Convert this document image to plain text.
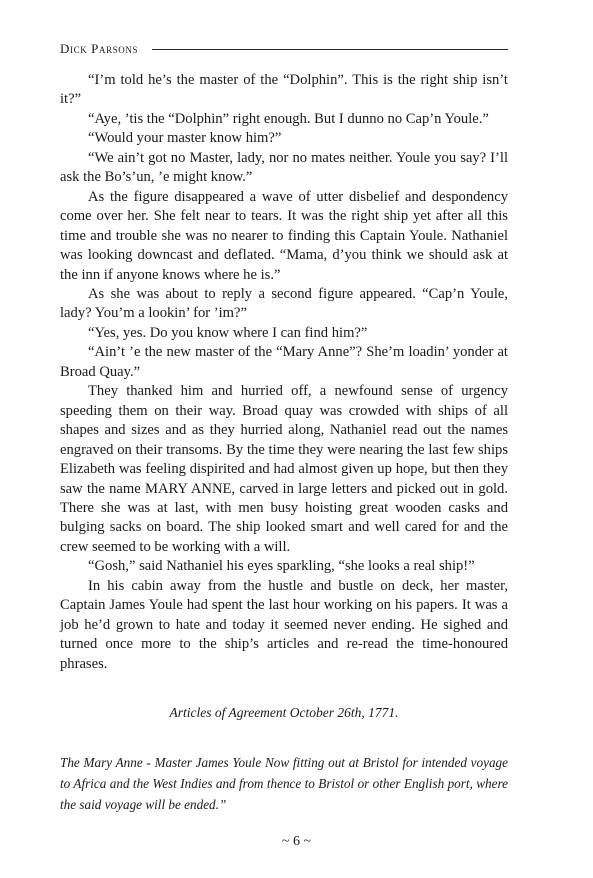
Dick Parsons

“I’m told he’s the master of the “Dolphin”. This is the right ship isn’t it?”

“Aye, ’tis the “Dolphin” right enough. But I dunno no Cap’n Youle.”

“Would your master know him?”

“We ain’t got no Master, lady, nor no mates neither. Youle you say? I’ll ask the Bo’s’un, ’e might know.”

As the figure disappeared a wave of utter disbelief and despondency come over her. She felt near to tears. It was the right ship yet after all this time and trouble she was no nearer to finding this Captain Youle. Nathaniel was looking downcast and deflated. “Mama, d’you think we should ask at the inn if anyone knows where he is.”

As she was about to reply a second figure appeared. “Cap’n Youle, lady? You’m a lookin’ for ’im?”

“Yes, yes. Do you know where I can find him?”

“Ain’t ’e the new master of the “Mary Anne”? She’m loadin’ yonder at Broad Quay.”

They thanked him and hurried off, a newfound sense of urgency speeding them on their way. Broad quay was crowded with ships of all shapes and sizes and as they hurried along, Nathaniel read out the names engraved on their transoms. By the time they were nearing the last few ships Elizabeth was feeling dispirited and had almost given up hope, but then they saw the name MARY ANNE, carved in large letters and picked out in gold. There she was at last, with men busy hoisting great wooden casks and bulging sacks on board. The ship looked smart and well cared for and the crew seemed to be working with a will.

“Gosh,” said Nathaniel his eyes sparkling, “she looks a real ship!”

In his cabin away from the hustle and bustle on deck, her master, Captain James Youle had spent the last hour working on his papers. It was a job he’d grown to hate and today it seemed never ending. He sighed and turned once more to the ship’s articles and re-read the time-honoured phrases.

Articles of Agreement October 26th, 1771.
The Mary Anne - Master James Youle Now fitting out at Bristol for intended voyage to Africa and the West Indies and from thence to Bristol or other English port, where the said voyage will be ended.”
~ 6 ~
